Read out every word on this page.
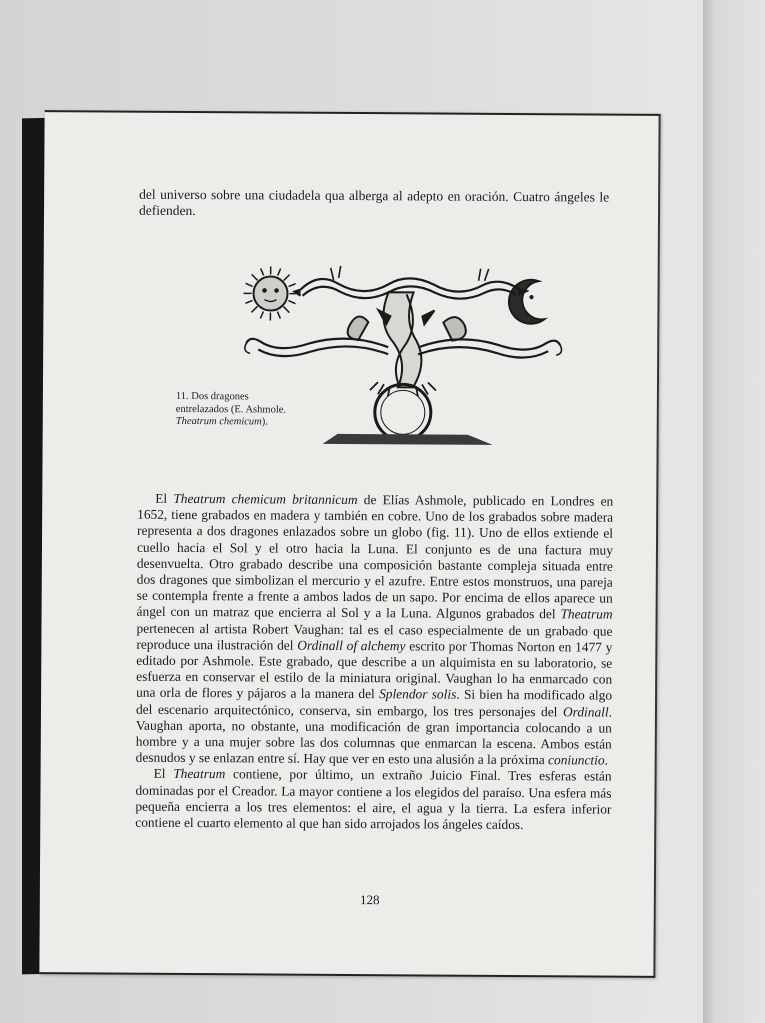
del universo sobre una ciudadela qua alberga al adepto en oración. Cuatro ángeles le defienden.
11. Dos dragones entrelazados (E. Ashmole. Theatrum chemicum).

El Theatrum chemicum britannicum de Elías Ashmole, publicado en Londres en 1652, tiene grabados en madera y también en cobre. Uno de los grabados sobre madera representa a dos dragones enlazados sobre un globo (fig. 11). Uno de ellos extiende el cuello hacia el Sol y el otro hacia la Luna. El conjunto es de una factura muy desenvuelta. Otro grabado describe una composición bastante compleja situada entre dos dragones que simbolizan el mercurio y el azufre. Entre estos monstruos, una pareja se contempla frente a frente a ambos lados de un sapo. Por encima de ellos aparece un ángel con un matraz que encierra al Sol y a la Luna. Algunos grabados del Theatrum pertenecen al artista Robert Vaughan: tal es el caso especialmente de un grabado que reproduce una ilustración del Ordinall of alchemy escrito por Thomas Norton en 1477 y editado por Ashmole. Este grabado, que describe a un alquimista en su laboratorio, se esfuerza en conservar el estilo de la miniatura original. Vaughan lo ha enmarcado con una orla de flores y pájaros a la manera del Splendor solis. Si bien ha modificado algo del escenario arquitectónico, conserva, sin embargo, los tres personajes del Ordinall. Vaughan aporta, no obstante, una modificación de gran importancia colocando a un hombre y a una mujer sobre las dos columnas que enmarcan la escena. Ambos están desnudos y se enlazan entre sí. Hay que ver en esto una alusión a la próxima coniunctio.

El Theatrum contiene, por último, un extraño Juicio Final. Tres esferas están dominadas por el Creador. La mayor contiene a los elegidos del paraíso. Una esfera más pequeña encierra a los tres elementos: el aire, el agua y la tierra. La esfera inferior contiene el cuarto elemento al que han sido arrojados los ángeles caídos.

128
